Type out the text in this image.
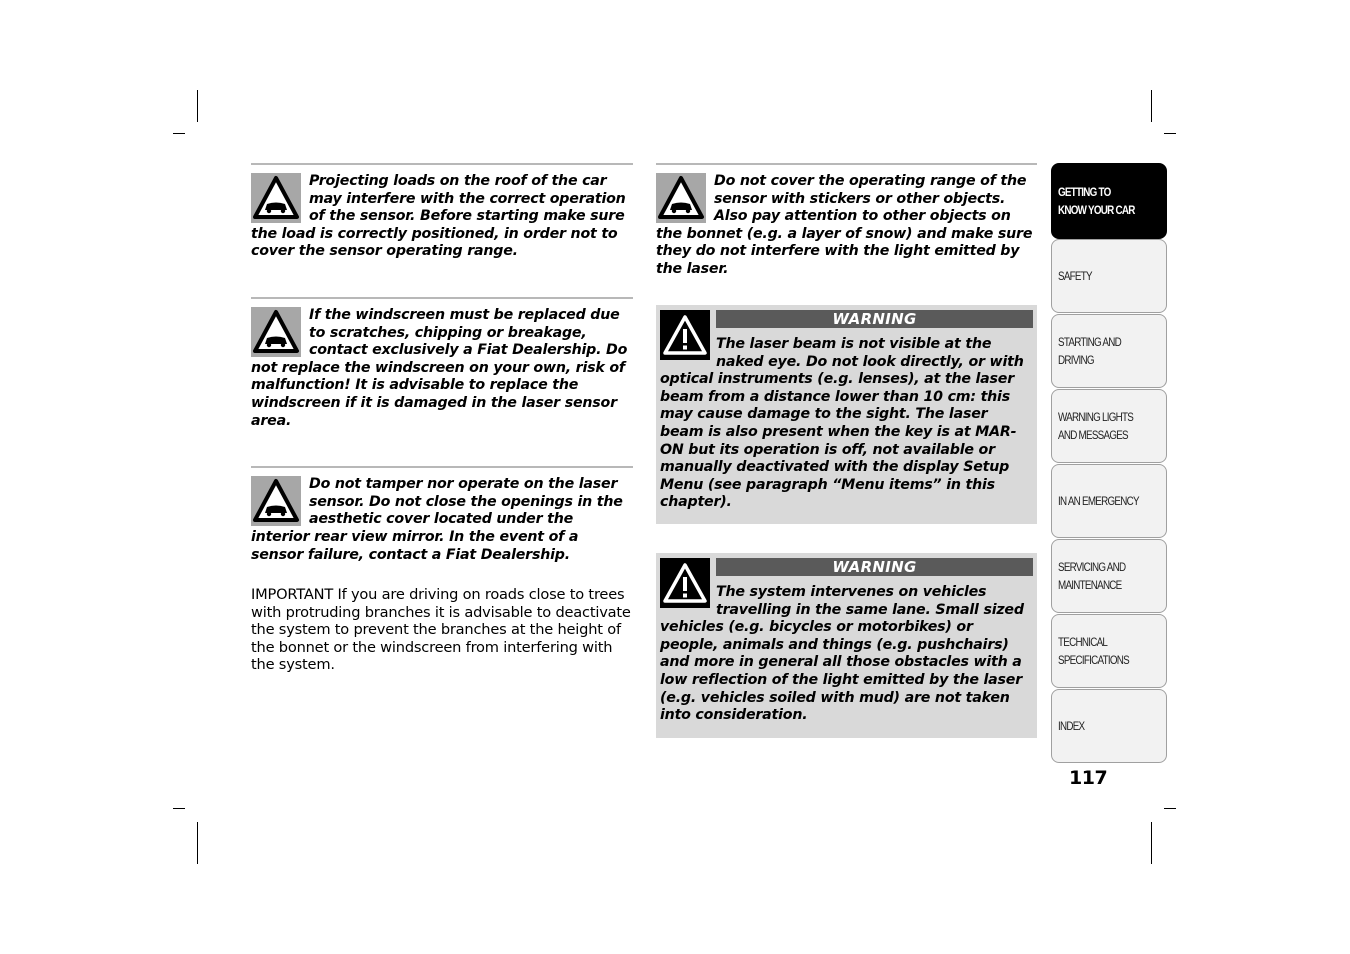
Projecting loads on the roof of the car may interfere with the correct operation of the sensor. Before starting make sure the load is correctly positioned, in order not to cover the sensor operating range.

If the windscreen must be replaced due to scratches, chipping or breakage, contact exclusively a Fiat Dealership. Do not replace the windscreen on your own, risk of malfunction! It is advisable to replace the windscreen if it is damaged in the laser sensor area.

Do not tamper nor operate on the laser sensor. Do not close the openings in the aesthetic cover located under the interior rear view mirror. In the event of a sensor failure, contact a Fiat Dealership.

IMPORTANT If you are driving on roads close to trees with protruding branches it is advisable to deactivate the system to prevent the branches at the height of the bonnet or the windscreen from interfering with the system.

Do not cover the operating range of the sensor with stickers or other objects. Also pay attention to other objects on the bonnet (e.g. a layer of snow) and make sure they do not interfere with the light emitted by the laser.

WARNING

The laser beam is not visible at the naked eye. Do not look directly, or with optical instruments (e.g. lenses), at the laser beam from a distance lower than 10 cm: this may cause damage to the sight. The laser beam is also present when the key is at MAR-ON but its operation is off, not available or manually deactivated with the display Setup Menu (see paragraph “Menu items” in this chapter).

WARNING

The system intervenes on vehicles travelling in the same lane. Small sized vehicles (e.g. bicycles or motorbikes) or people, animals and things (e.g. pushchairs) and more in general all those obstacles with a low reflection of the light emitted by the laser (e.g. vehicles soiled with mud) are not taken into consideration.

GETTING TO
KNOW YOUR CAR
SAFETY
STARTING AND
DRIVING
WARNING LIGHTS
AND MESSAGES
IN AN EMERGENCY
SERVICING AND
MAINTENANCE
TECHNICAL
SPECIFICATIONS
INDEX
117
